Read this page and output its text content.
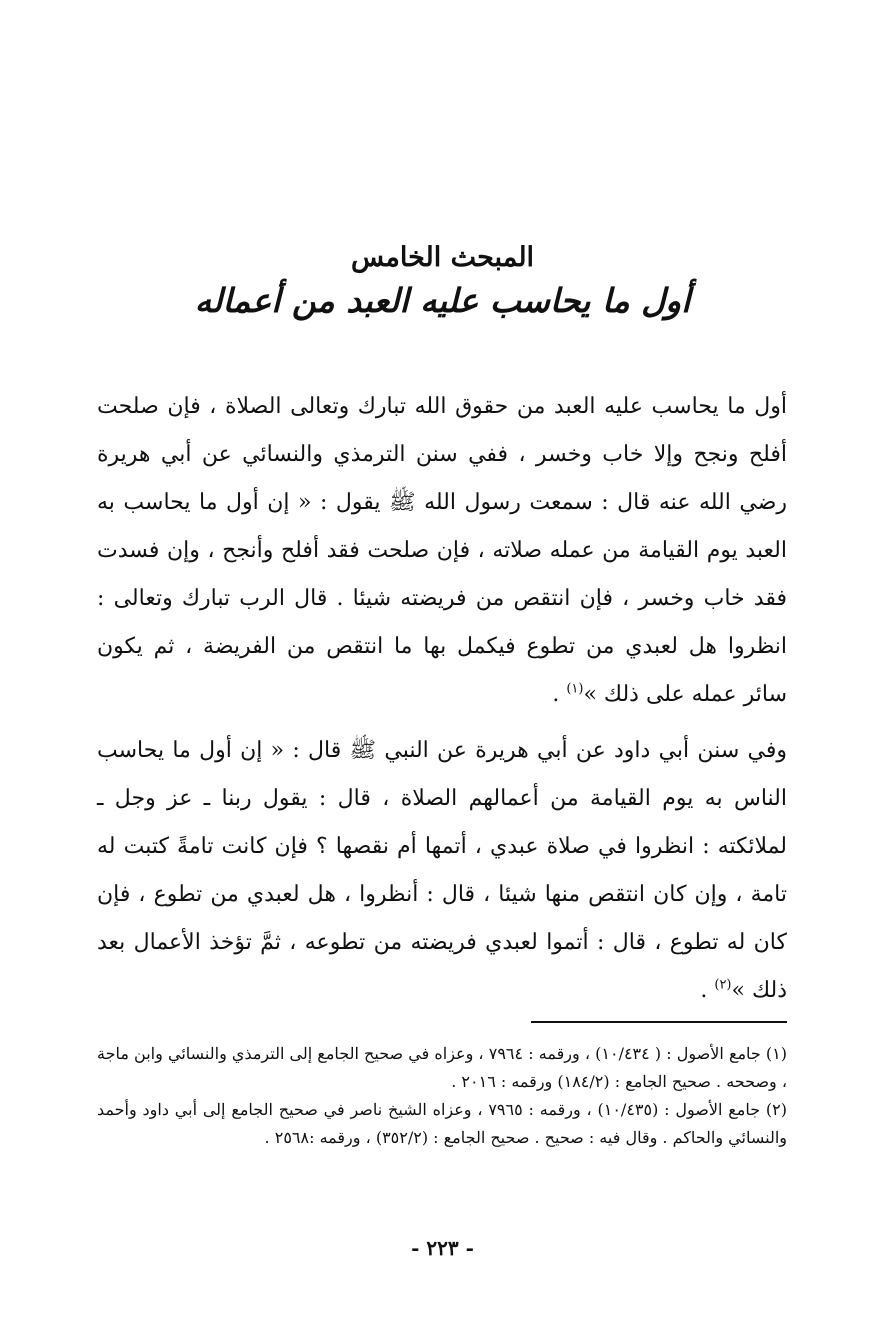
المبحث الخامس
أول ما يحاسب عليه العبد من أعماله

أول ما يحاسب عليه العبد من حقوق الله تبارك وتعالى الصلاة ، فإن صلحت أفلح ونجح وإلا خاب وخسر ، ففي سنن الترمذي والنسائي عن أبي هريرة رضي الله عنه قال : سمعت رسول الله ﷺ يقول : « إن أول ما يحاسب به العبد يوم القيامة من عمله صلاته ، فإن صلحت فقد أفلح وأنجح ، وإن فسدت فقد خاب وخسر ، فإن انتقص من فريضته شيئا . قال الرب تبارك وتعالى : انظروا هل لعبدي من تطوع فيكمل بها ما انتقص من الفريضة ، ثم يكون سائر عمله على ذلك »$^{(١)}$ .

وفي سنن أبي داود عن أبي هريرة عن النبي ﷺ قال : « إن أول ما يحاسب الناس به يوم القيامة من أعمالهم الصلاة ، قال : يقول ربنا ـ عز وجل ـ لملائكته : انظروا في صلاة عبدي ، أتمها أم نقصها ؟ فإن كانت تامةً كتبت له تامة ، وإن كان انتقص منها شيئا ، قال : أنظروا ، هل لعبدي من تطوع ، فإن كان له تطوع ، قال : أتموا لعبدي فريضته من تطوعه ، ثمَّ تؤخذ الأعمال بعد ذلك »$^{(٢)}$ .

(١) جامع الأصول : ( ١٠/٤٣٤) ، ورقمه : ٧٩٦٤ ، وعزاه في صحيح الجامع إلى الترمذي والنسائي وابن ماجة ، وصححه . صحيح الجامع : (١٨٤/٢) ورقمه : ٢٠١٦ .

(٢) جامع الأصول : (١٠/٤٣٥) ، ورقمه : ٧٩٦٥ ، وعزاه الشيخ ناصر في صحيح الجامع إلى أبي داود وأحمد والنسائي والحاكم . وقال فيه : صحيح . صحيح الجامع : (٣٥٢/٢) ، ورقمه :٢٥٦٨ .

- ٢٢٣ -
